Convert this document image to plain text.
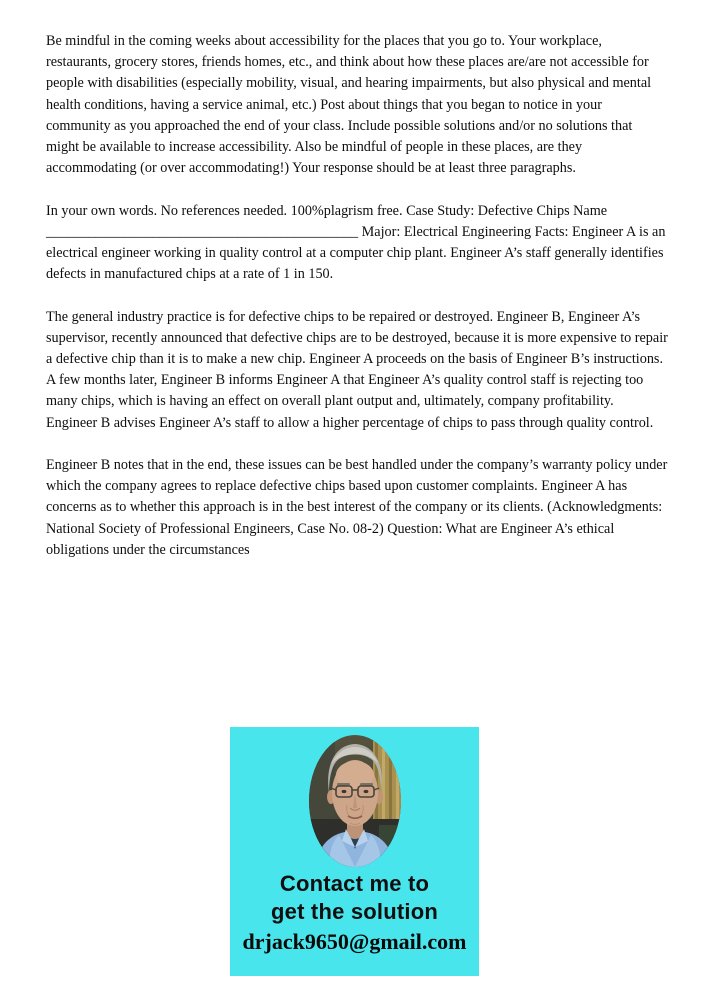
Be mindful in the coming weeks about accessibility for the places that you go to. Your workplace, restaurants, grocery stores, friends homes, etc., and think about how these places are/are not accessible for people with disabilities (especially mobility, visual, and hearing impairments, but also physical and mental health conditions, having a service animal, etc.) Post about things that you began to notice in your community as you approached the end of your class. Include possible solutions and/or no solutions that might be available to increase accessibility. Also be mindful of people in these places, are they accommodating (or over accommodating!) Your response should be at least three paragraphs.

In your own words. No references needed. 100%plagrism free. Case Study: Defective Chips Name ____________________________________________ Major: Electrical Engineering Facts: Engineer A is an electrical engineer working in quality control at a computer chip plant. Engineer A’s staff generally identifies defects in manufactured chips at a rate of 1 in 150.

The general industry practice is for defective chips to be repaired or destroyed. Engineer B, Engineer A’s supervisor, recently announced that defective chips are to be destroyed, because it is more expensive to repair a defective chip than it is to make a new chip. Engineer A proceeds on the basis of Engineer B’s instructions. A few months later, Engineer B informs Engineer A that Engineer A’s quality control staff is rejecting too many chips, which is having an effect on overall plant output and, ultimately, company profitability. Engineer B advises Engineer A’s staff to allow a higher percentage of chips to pass through quality control.

Engineer B notes that in the end, these issues can be best handled under the company’s warranty policy under which the company agrees to replace defective chips based upon customer complaints. Engineer A has concerns as to whether this approach is in the best interest of the company or its clients. (Acknowledgments: National Society of Professional Engineers, Case No. 08-2) Question: What are Engineer A’s ethical obligations under the circumstances

Contact me to
get the solution
drjack9650@gmail.com
